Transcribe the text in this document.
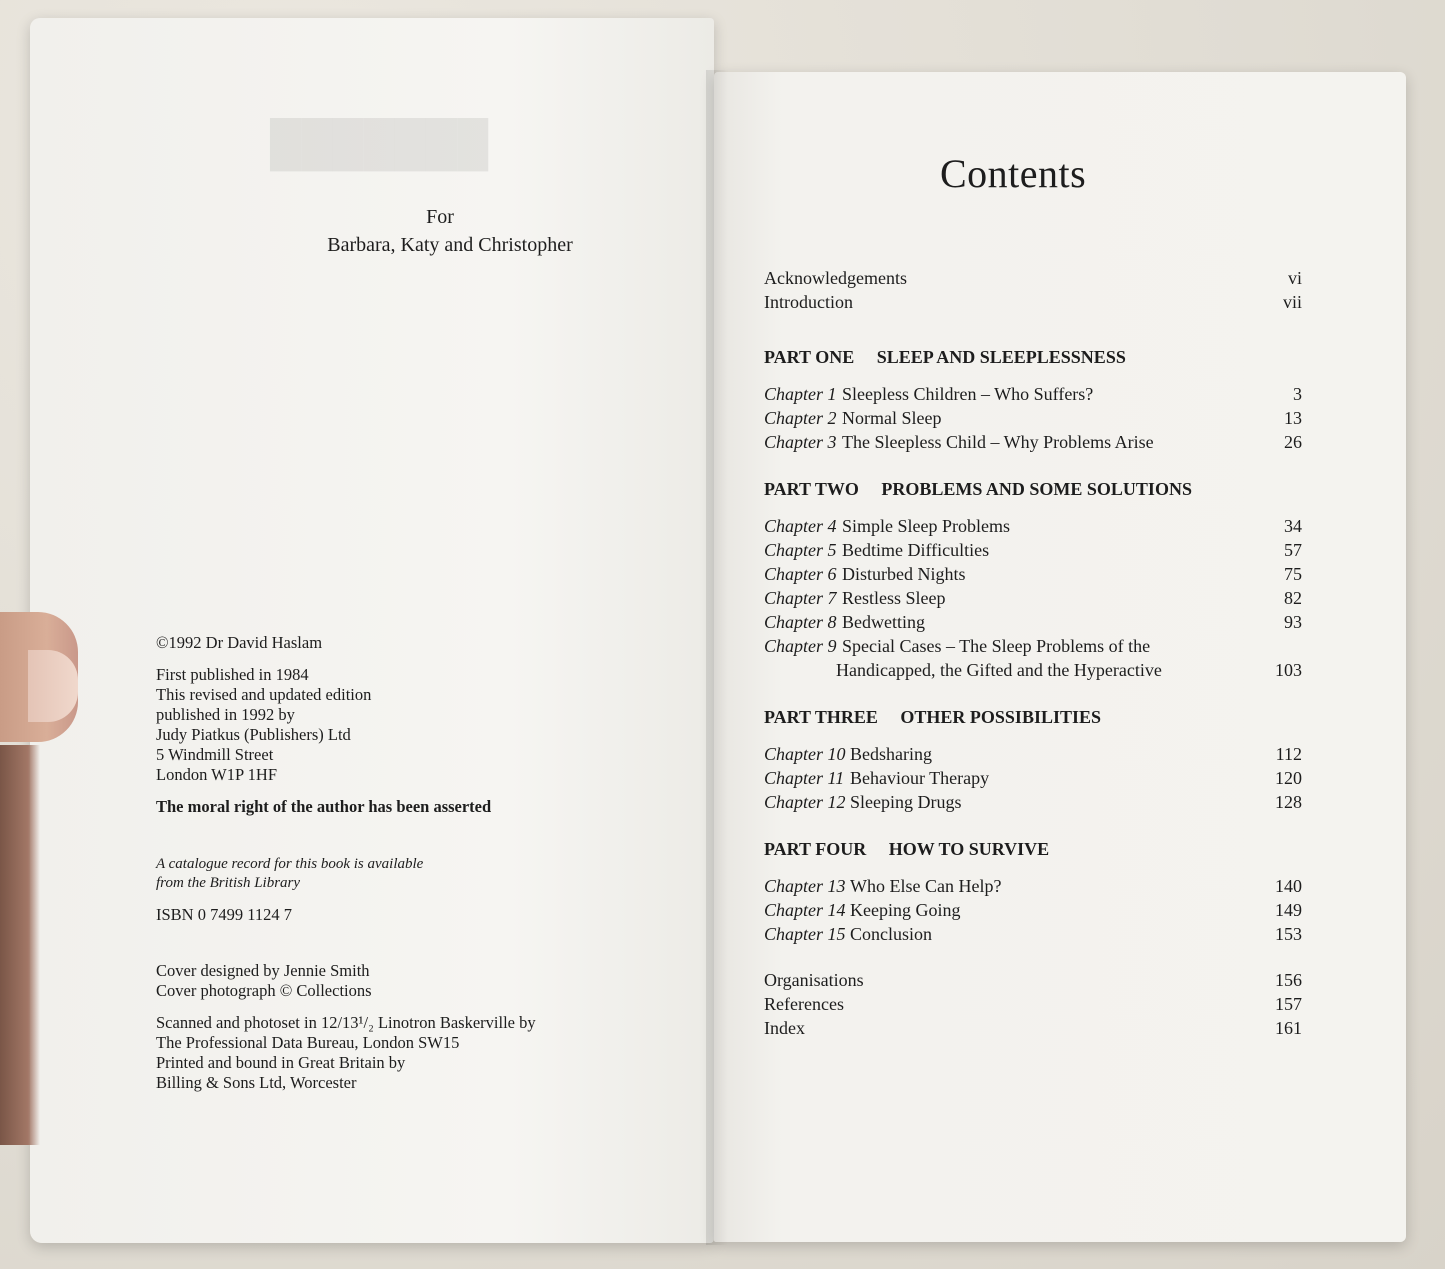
███████
For
Barbara, Katy and Christopher
©1992 Dr David Haslam
First published in 1984
This revised and updated edition
published in 1992 by
Judy Piatkus (Publishers) Ltd
5 Windmill Street
London W1P 1HF
The moral right of the author has been asserted
A catalogue record for this book is available
from the British Library
ISBN 0 7499 1124 7
Cover designed by Jennie Smith
Cover photograph © Collections
Scanned and photoset in 12/13¹/₂ Linotron Baskerville by
The Professional Data Bureau, London SW15
Printed and bound in Great Britain by
Billing & Sons Ltd, Worcester
Contents
Acknowledgements	vi
Introduction	vii
PART ONE SLEEP AND SLEEPLESSNESS
Chapter 1 Sleepless Children – Who Suffers?	3
Chapter 2 Normal Sleep	13
Chapter 3 The Sleepless Child – Why Problems Arise	26
PART TWO PROBLEMS AND SOME SOLUTIONS
Chapter 4 Simple Sleep Problems	34
Chapter 5 Bedtime Difficulties	57
Chapter 6 Disturbed Nights	75
Chapter 7 Restless Sleep	82
Chapter 8 Bedwetting	93
Chapter 9 Special Cases – The Sleep Problems of the
Handicapped, the Gifted and the Hyperactive	103
PART THREE OTHER POSSIBILITIES
Chapter 10 Bedsharing	112
Chapter 11 Behaviour Therapy	120
Chapter 12 Sleeping Drugs	128
PART FOUR HOW TO SURVIVE
Chapter 13 Who Else Can Help?	140
Chapter 14 Keeping Going	149
Chapter 15 Conclusion	153
Organisations	156
References	157
Index	161
